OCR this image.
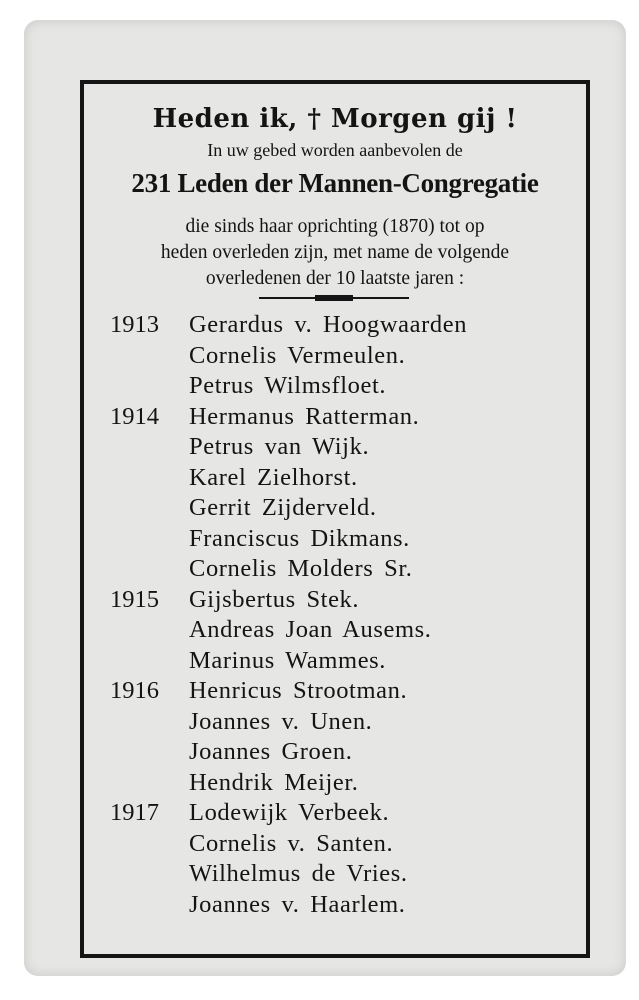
Heden ik, † Morgen gij !
In uw gebed worden aanbevolen de
231 Leden der Mannen-Congregatie
die sinds haar oprichting (1870) tot op
heden overleden zijn, met name de volgende
overledenen der 10 laatste jaren :
1913 Gerardus v. Hoogwaarden
Cornelis Vermeulen.
Petrus Wilmsfloet.
1914 Hermanus Ratterman.
Petrus van Wijk.
Karel Zielhorst.
Gerrit Zijderveld.
Franciscus Dikmans.
Cornelis Molders Sr.
1915 Gijsbertus Stek.
Andreas Joan Ausems.
Marinus Wammes.
1916 Henricus Strootman.
Joannes v. Unen.
Joannes Groen.
Hendrik Meijer.
1917 Lodewijk Verbeek.
Cornelis v. Santen.
Wilhelmus de Vries.
Joannes v. Haarlem.
